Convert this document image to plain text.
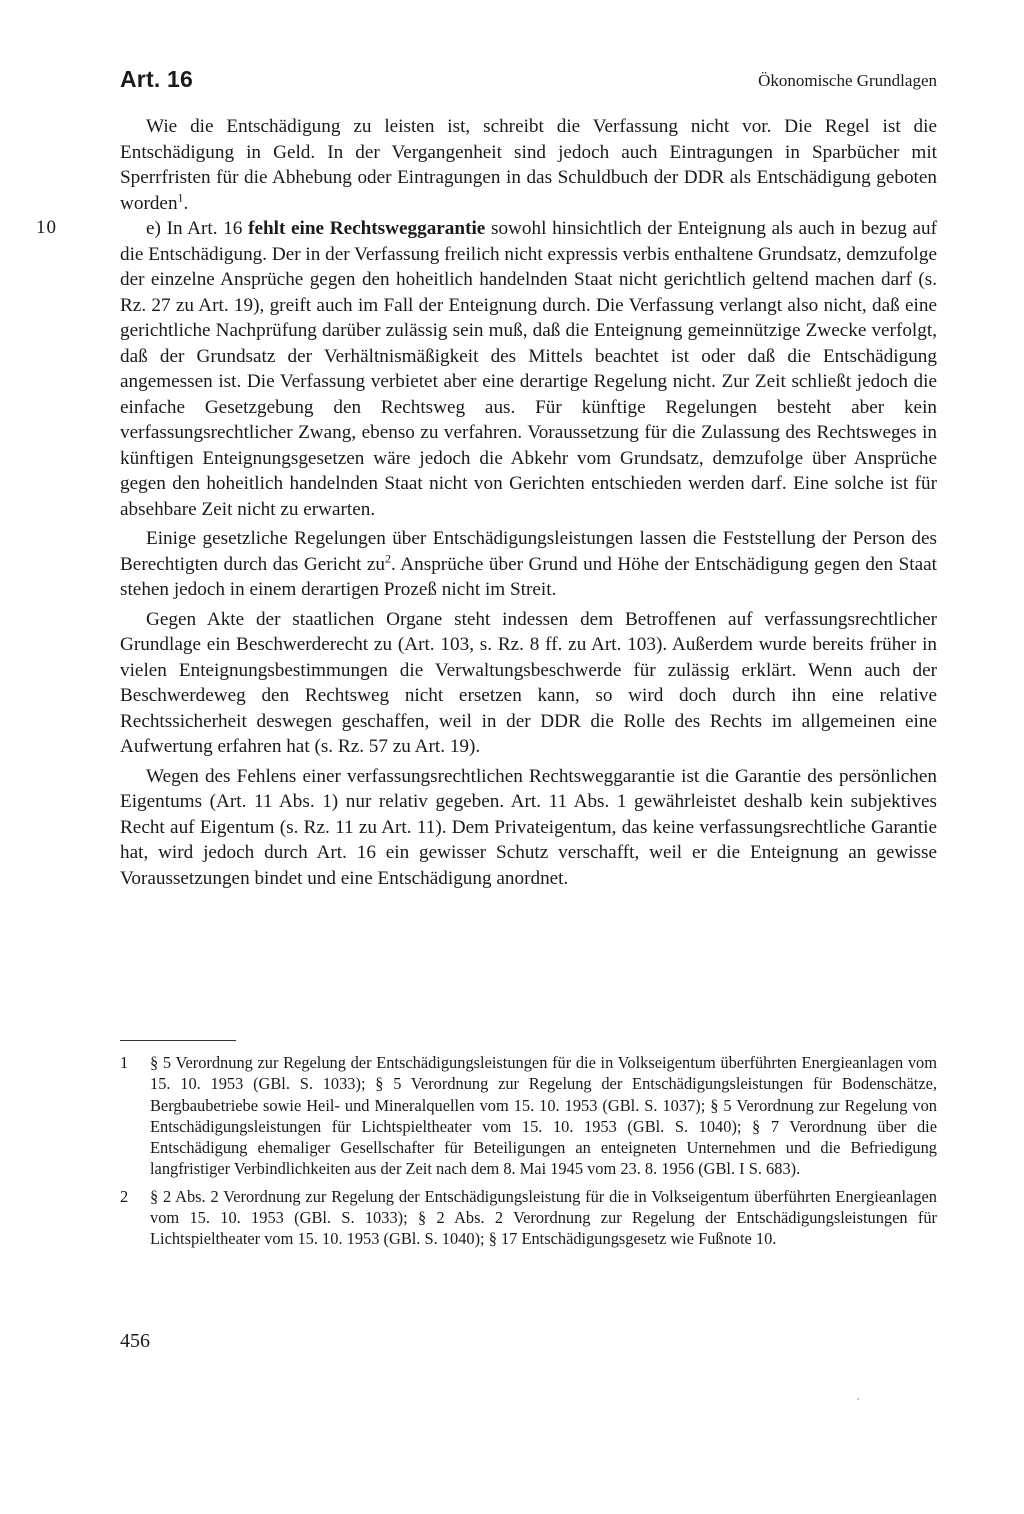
Art. 16	Ökonomische Grundlagen

Wie die Entschädigung zu leisten ist, schreibt die Verfassung nicht vor. Die Regel ist die Entschädigung in Geld. In der Vergangenheit sind jedoch auch Eintragungen in Sparbücher mit Sperrfristen für die Abhebung oder Eintragungen in das Schuldbuch der DDR als Entschädigung geboten worden$^1$.

10	e) In Art. 16 fehlt eine Rechtsweggarantie sowohl hinsichtlich der Enteignung als auch in bezug auf die Entschädigung. Der in der Verfassung freilich nicht expressis verbis enthaltene Grundsatz, demzufolge der einzelne Ansprüche gegen den hoheitlich handelnden Staat nicht gerichtlich geltend machen darf (s. Rz. 27 zu Art. 19), greift auch im Fall der Enteignung durch. Die Verfassung verlangt also nicht, daß eine gerichtliche Nachprüfung darüber zulässig sein muß, daß die Enteignung gemeinnützige Zwecke verfolgt, daß der Grundsatz der Verhältnismäßigkeit des Mittels beachtet ist oder daß die Entschädigung angemessen ist. Die Verfassung verbietet aber eine derartige Regelung nicht. Zur Zeit schließt jedoch die einfache Gesetzgebung den Rechtsweg aus. Für künftige Regelungen besteht aber kein verfassungsrechtlicher Zwang, ebenso zu verfahren. Voraussetzung für die Zulassung des Rechtsweges in künftigen Enteignungsgesetzen wäre jedoch die Abkehr vom Grundsatz, demzufolge über Ansprüche gegen den hoheitlich handelnden Staat nicht von Gerichten entschieden werden darf. Eine solche ist für absehbare Zeit nicht zu erwarten.

Einige gesetzliche Regelungen über Entschädigungsleistungen lassen die Feststellung der Person des Berechtigten durch das Gericht $zu^2$. Ansprüche über Grund und Höhe der Entschädigung gegen den Staat stehen jedoch in einem derartigen Prozeß nicht im Streit.

Gegen Akte der staatlichen Organe steht indessen dem Betroffenen auf verfassungsrechtlicher Grundlage ein Beschwerderecht zu (Art. 103, s. Rz. 8 ff. zu Art. 103). Außerdem wurde bereits früher in vielen Enteignungsbestimmungen die Verwaltungsbeschwerde für zulässig erklärt. Wenn auch der Beschwerdeweg den Rechtsweg nicht ersetzen kann, so wird doch durch ihn eine relative Rechtssicherheit deswegen geschaffen, weil in der DDR die Rolle des Rechts im allgemeinen eine Aufwertung erfahren hat (s. Rz. 57 zu Art. 19).

Wegen des Fehlens einer verfassungsrechtlichen Rechtsweggarantie ist die Garantie des persönlichen Eigentums (Art. 11 Abs. 1) nur relativ gegeben. Art. 11 Abs. 1 gewährleistet deshalb kein subjektives Recht auf Eigentum (s. Rz. 11 zu Art. 11). Dem Privateigentum, das keine verfassungsrechtliche Garantie hat, wird jedoch durch Art. 16 ein gewisser Schutz verschafft, weil er die Enteignung an gewisse Voraussetzungen bindet und eine Entschädigung anordnet.

1	§ 5 Verordnung zur Regelung der Entschädigungsleistungen für die in Volkseigentum überführten Energieanlagen vom 15. 10. 1953 (GBl. S. 1033); § 5 Verordnung zur Regelung der Entschädigungsleistungen für Bodenschätze, Bergbaubetriebe sowie Heil- und Mineralquellen vom 15. 10. 1953 (GBl. S. 1037); § 5 Verordnung zur Regelung von Entschädigungsleistungen für Lichtspieltheater vom 15. 10. 1953 (GBl. S. 1040); § 7 Verordnung über die Entschädigung ehemaliger Gesellschafter für Beteiligungen an enteigneten Unternehmen und die Befriedigung langfristiger Verbindlichkeiten aus der Zeit nach dem 8. Mai 1945 vom 23. 8. 1956 (GBl. I S. 683).
2	§ 2 Abs. 2 Verordnung zur Regelung der Entschädigungsleistung für die in Volkseigentum überführten Energieanlagen vom 15. 10. 1953 (GBl. S. 1033); § 2 Abs. 2 Verordnung zur Regelung der Entschädigungsleistungen für Lichtspieltheater vom 15. 10. 1953 (GBl. S. 1040); § 17 Entschädigungsgesetz wie Fußnote 10.
456
